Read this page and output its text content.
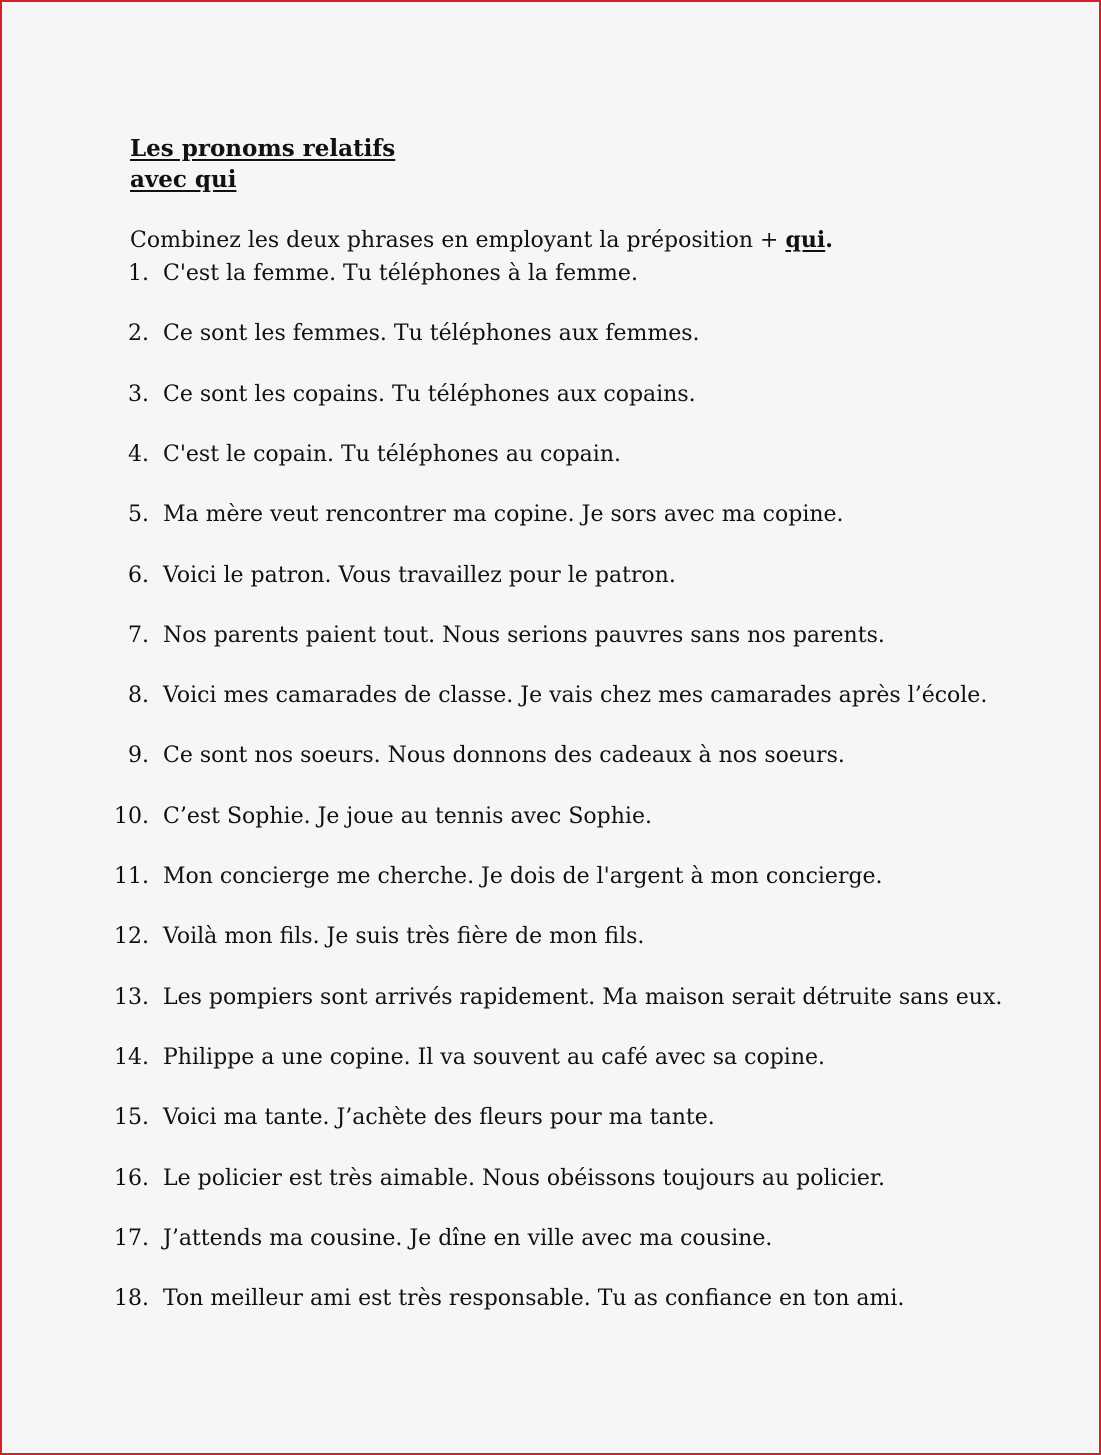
Les pronoms relatifs
avec qui
Combinez les deux phrases en employant la préposition + qui.
1. C'est la femme. Tu téléphones à la femme.
2. Ce sont les femmes. Tu téléphones aux femmes.
3. Ce sont les copains. Tu téléphones aux copains.
4. C'est le copain. Tu téléphones au copain.
5. Ma mère veut rencontrer ma copine. Je sors avec ma copine.
6. Voici le patron. Vous travaillez pour le patron.
7. Nos parents paient tout. Nous serions pauvres sans nos parents.
8. Voici mes camarades de classe. Je vais chez mes camarades après l’école.
9. Ce sont nos soeurs. Nous donnons des cadeaux à nos soeurs.
10. C’est Sophie. Je joue au tennis avec Sophie.
11. Mon concierge me cherche. Je dois de l'argent à mon concierge.
12. Voilà mon fils. Je suis très fière de mon fils.
13. Les pompiers sont arrivés rapidement. Ma maison serait détruite sans eux.
14. Philippe a une copine. Il va souvent au café avec sa copine.
15. Voici ma tante. J’achète des fleurs pour ma tante.
16. Le policier est très aimable. Nous obéissons toujours au policier.
17. J’attends ma cousine. Je dîne en ville avec ma cousine.
18. Ton meilleur ami est très responsable. Tu as confiance en ton ami.
